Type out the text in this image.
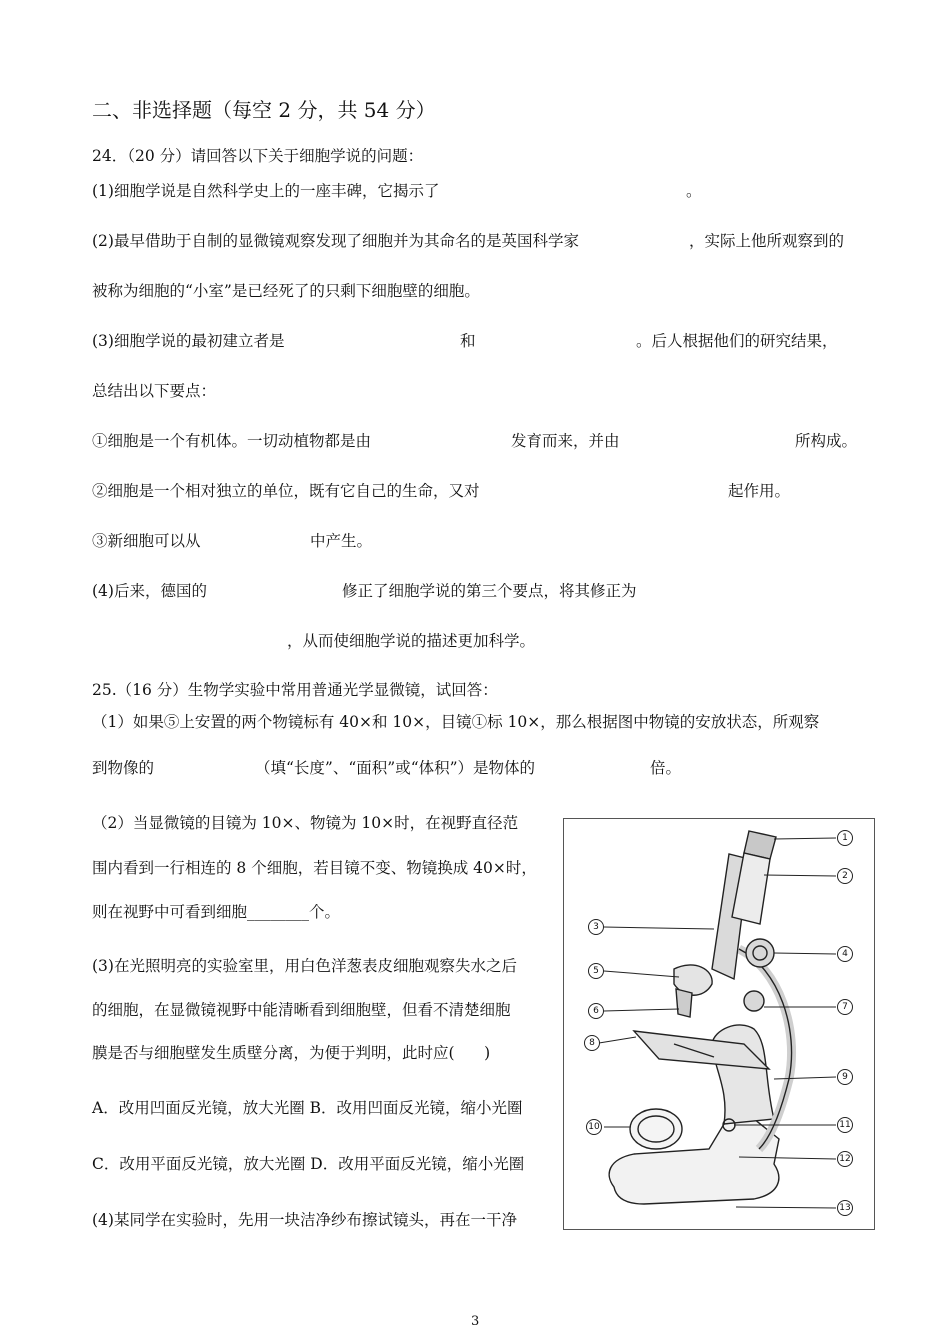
二、非选择题（每空 2 分，共 54 分）
24．（20 分）请回答以下关于细胞学说的问题：
(1)细胞学说是自然科学史上的一座丰碑，它揭示了	。
(2)最早借助于自制的显微镜观察发现了细胞并为其命名的是英国科学家	，实际上他所观察到的
被称为细胞的“小室”是已经死了的只剩下细胞壁的细胞。
(3)细胞学说的最初建立者是	和	。后人根据他们的研究结果，
总结出以下要点：
①细胞是一个有机体。一切动植物都是由	发育而来，并由	所构成。
②细胞是一个相对独立的单位，既有它自己的生命，又对	起作用。
③新细胞可以从	中产生。
(4)后来，德国的	修正了细胞学说的第三个要点，将其修正为
，从而使细胞学说的描述更加科学。
25.（16 分）生物学实验中常用普通光学显微镜，试回答：
（1）如果⑤上安置的两个物镜标有 40×和 10×，目镜①标 10×，那么根据图中物镜的安放状态，所观察
到物像的	（填“长度”、“面积”或“体积”）是物体的	倍。
（2）当显微镜的目镜为 10×、物镜为 10×时，在视野直径范
围内看到一行相连的 8 个细胞，若目镜不变、物镜换成 40×时，
则在视野中可看到细胞________个。
(3)在光照明亮的实验室里，用白色洋葱表皮细胞观察失水之后
的细胞，在显微镜视野中能清晰看到细胞壁，但看不清楚细胞
膜是否与细胞壁发生质壁分离，为便于判明，此时应(      )
A．改用凹面反光镜，放大光圈 B．改用凹面反光镜，缩小光圈
C．改用平面反光镜，放大光圈 D．改用平面反光镜，缩小光圈
(4)某同学在实验时，先用一块洁净纱布擦试镜头，再在一干净
1
2
3
4
5
6	7
8
9
10	11
12
13
3
